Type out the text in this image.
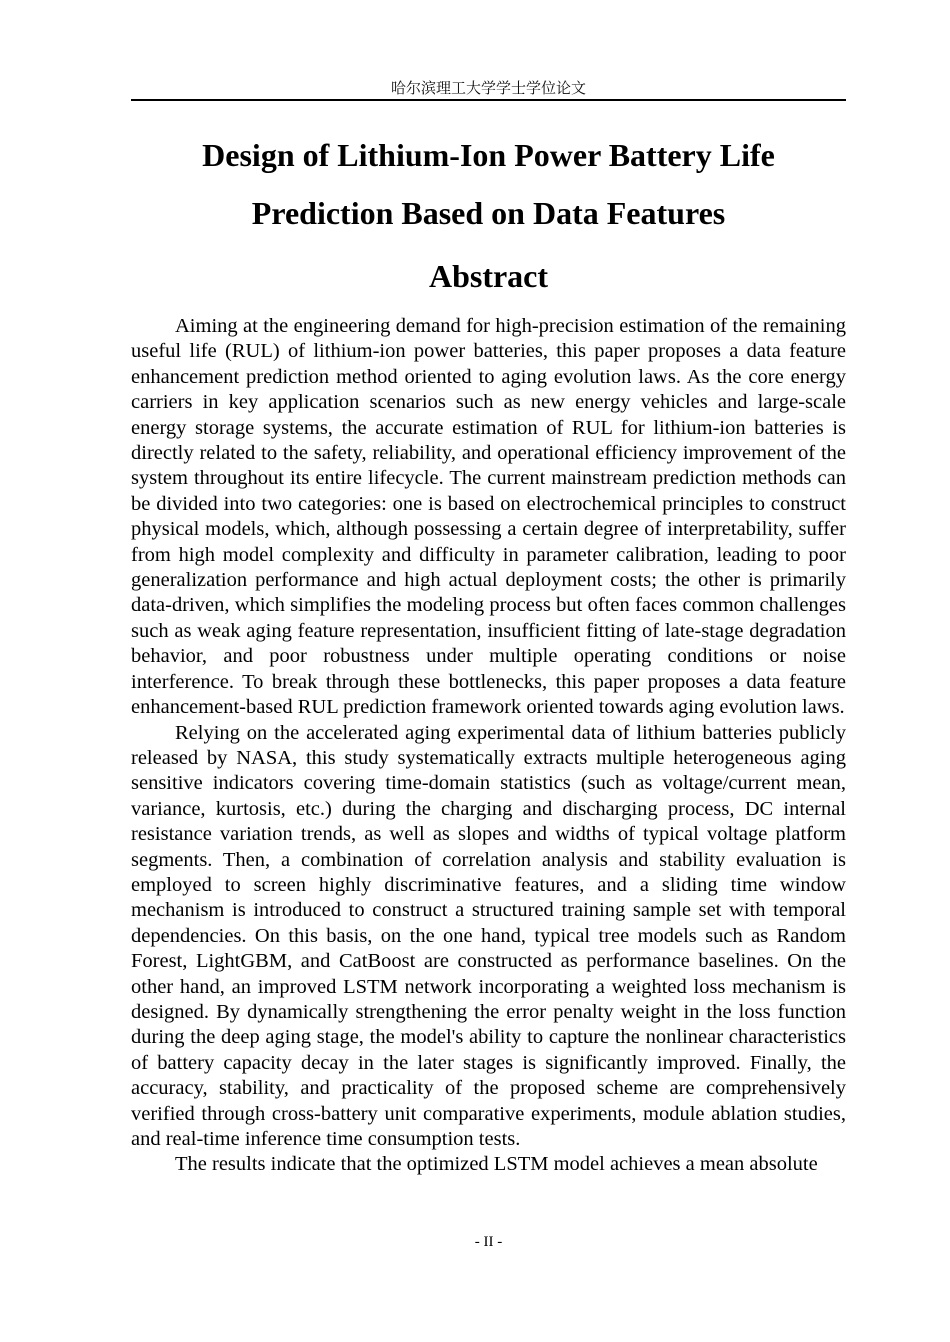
哈尔滨理工大学学士学位论文
Design of Lithium-Ion Power Battery Life
Prediction Based on Data Features
Abstract

Aiming at the engineering demand for high-precision estimation of the remaining useful life (RUL) of lithium-ion power batteries, this paper proposes a data feature enhancement prediction method oriented to aging evolution laws. As the core energy carriers in key application scenarios such as new energy vehicles and large-scale energy storage systems, the accurate estimation of RUL for lithium-ion batteries is directly related to the safety, reliability, and operational efficiency improvement of the system throughout its entire lifecycle. The current mainstream prediction methods can be divided into two categories: one is based on electrochemical principles to construct physical models, which, although possessing a certain degree of interpretability, suffer from high model complexity and difficulty in parameter calibration, leading to poor generalization performance and high actual deployment costs; the other is primarily data-driven, which simplifies the modeling process but often faces common challenges such as weak aging feature representation, insufficient fitting of late-stage degradation behavior, and poor robustness under multiple operating conditions or noise interference. To break through these bottlenecks, this paper proposes a data feature enhancement-based RUL prediction framework oriented towards aging evolution laws.

Relying on the accelerated aging experimental data of lithium batteries publicly released by NASA, this study systematically extracts multiple heterogeneous aging sensitive indicators covering time-domain statistics (such as voltage/current mean, variance, kurtosis, etc.) during the charging and discharging process, DC internal resistance variation trends, as well as slopes and widths of typical voltage platform segments. Then, a combination of correlation analysis and stability evaluation is employed to screen highly discriminative features, and a sliding time window mechanism is introduced to construct a structured training sample set with temporal dependencies. On this basis, on the one hand, typical tree models such as Random Forest, LightGBM, and CatBoost are constructed as performance baselines. On the other hand, an improved LSTM network incorporating a weighted loss mechanism is designed. By dynamically strengthening the error penalty weight in the loss function during the deep aging stage, the model's ability to capture the nonlinear characteristics of battery capacity decay in the later stages is significantly improved. Finally, the accuracy, stability, and practicality of the proposed scheme are comprehensively verified through cross-battery unit comparative experiments, module ablation studies, and real-time inference time consumption tests.

The results indicate that the optimized LSTM model achieves a mean absolute

- II -
